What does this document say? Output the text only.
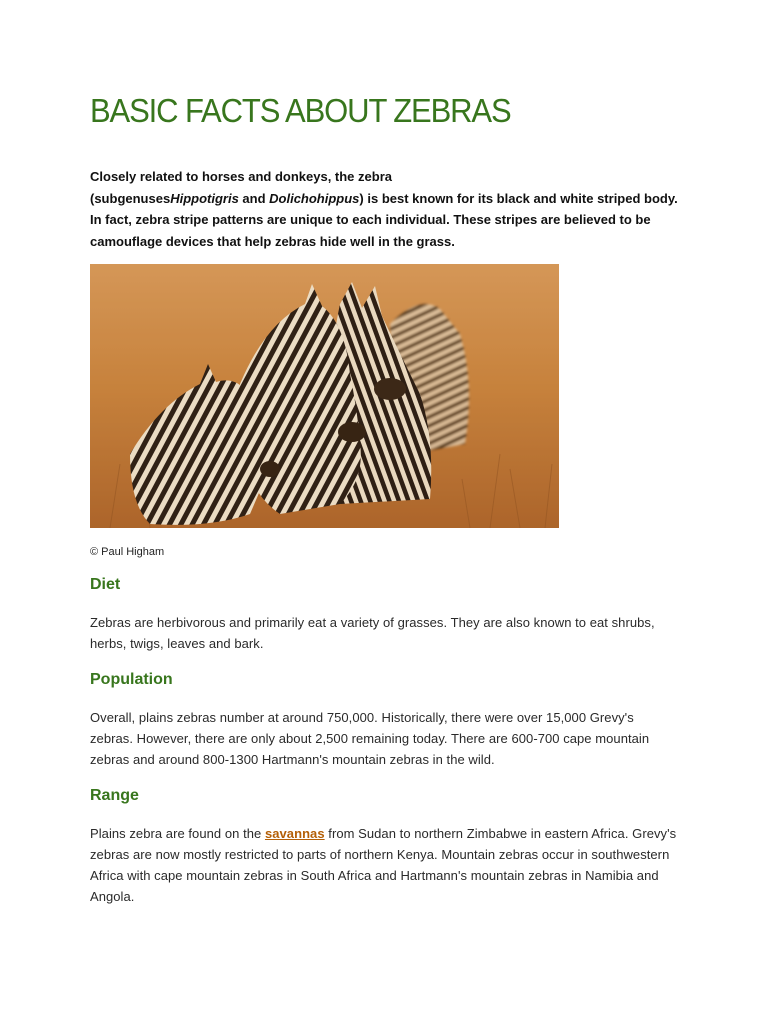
BASIC FACTS ABOUT ZEBRAS

Closely related to horses and donkeys, the zebra
(subgenusesHippotigris and Dolichohippus) is best known for its black and white striped body. In fact, zebra stripe patterns are unique to each individual. These stripes are believed to be camouflage devices that help zebras hide well in the grass.

© Paul Higham

Diet

Zebras are herbivorous and primarily eat a variety of grasses. They are also known to eat shrubs, herbs, twigs, leaves and bark.

Population

Overall, plains zebras number at around 750,000. Historically, there were over 15,000 Grevy's zebras. However, there are only about 2,500 remaining today. There are 600-700 cape mountain zebras and around 800-1300 Hartmann's mountain zebras in the wild.

Range

Plains zebra are found on the savannas from Sudan to northern Zimbabwe in eastern Africa. Grevy's zebras are now mostly restricted to parts of northern Kenya. Mountain zebras occur in southwestern Africa with cape mountain zebras in South Africa and Hartmann's mountain zebras in Namibia and Angola.
